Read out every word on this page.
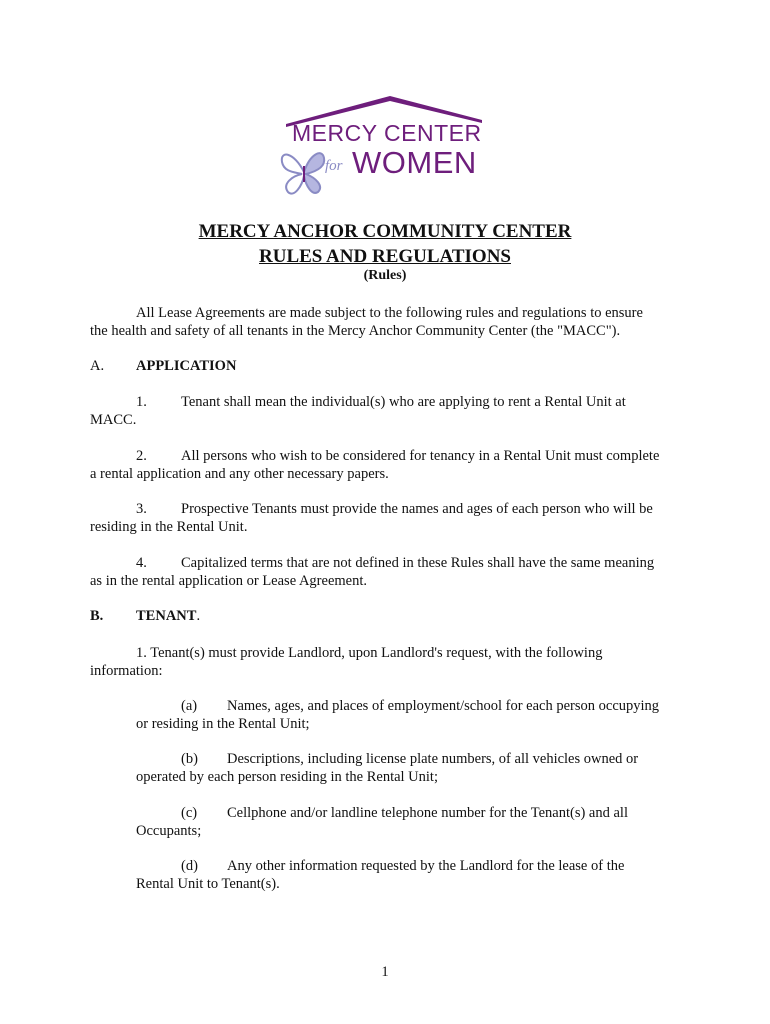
MERCY CENTER
for WOMEN
MERCY ANCHOR COMMUNITY CENTER
RULES AND REGULATIONS
(Rules)
All Lease Agreements are made subject to the following rules and regulations to ensure
the health and safety of all tenants in the Mercy Anchor Community Center (the "MACC").
A. APPLICATION
1. Tenant shall mean the individual(s) who are applying to rent a Rental Unit at
MACC.
2. All persons who wish to be considered for tenancy in a Rental Unit must complete
a rental application and any other necessary papers.
3. Prospective Tenants must provide the names and ages of each person who will be
residing in the Rental Unit.
4. Capitalized terms that are not defined in these Rules shall have the same meaning
as in the rental application or Lease Agreement.
B. TENANT.
1. Tenant(s) must provide Landlord, upon Landlord's request, with the following
information:
(a) Names, ages, and places of employment/school for each person occupying
or residing in the Rental Unit;
(b) Descriptions, including license plate numbers, of all vehicles owned or
operated by each person residing in the Rental Unit;
(c) Cellphone and/or landline telephone number for the Tenant(s) and all
Occupants;
(d) Any other information requested by the Landlord for the lease of the
Rental Unit to Tenant(s).
1
